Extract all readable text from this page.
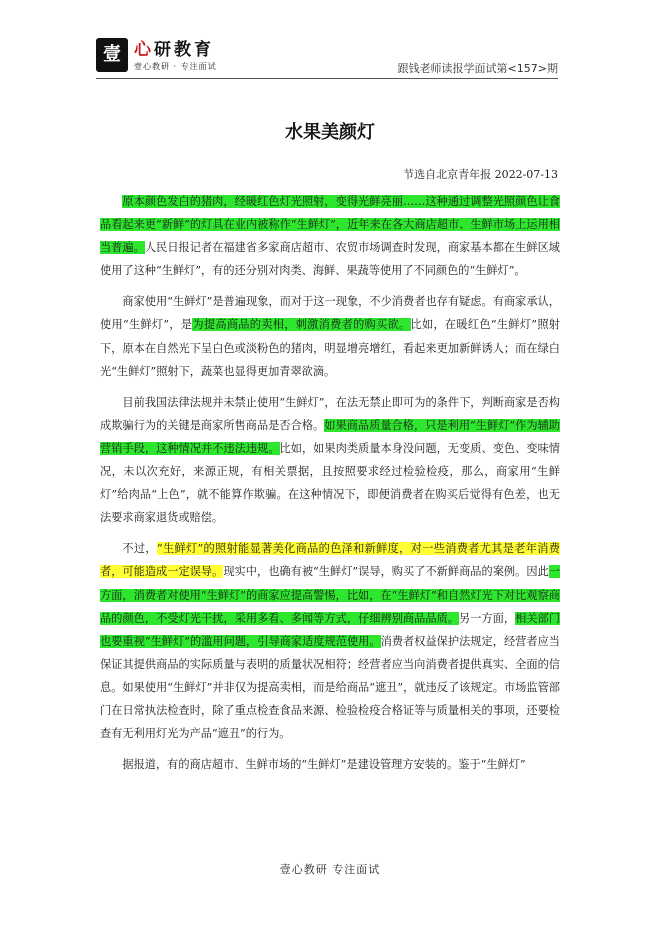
壹 心研教育
壹心教研 · 专注面试	跟钱老师读报学面试第<157>期
水果美颜灯
节选自北京青年报 2022-07-13

原本颜色发白的猪肉，经暖红色灯光照射，变得光鲜亮丽……这种通过调整光照颜色让食品看起来更“新鲜”的灯具在业内被称作“生鲜灯”，近年来在各大商店超市、生鲜市场上运用相当普遍。人民日报记者在福建省多家商店超市、农贸市场调查时发现，商家基本都在生鲜区域使用了这种“生鲜灯”，有的还分别对肉类、海鲜、果蔬等使用了不同颜色的“生鲜灯”。

商家使用“生鲜灯”是普遍现象，而对于这一现象，不少消费者也存有疑虑。有商家承认，使用“生鲜灯”，是为提高商品的卖相，刺激消费者的购买欲。比如，在暖红色“生鲜灯”照射下，原本在自然光下呈白色或淡粉色的猪肉，明显增亮增红，看起来更加新鲜诱人；而在绿白光“生鲜灯”照射下，蔬菜也显得更加青翠欲滴。

目前我国法律法规并未禁止使用“生鲜灯”，在法无禁止即可为的条件下，判断商家是否构成欺骗行为的关键是商家所售商品是否合格。如果商品质量合格，只是利用“生鲜灯”作为辅助营销手段，这种情况并不违法违规。比如，如果肉类质量本身没问题，无变质、变色、变味情况，未以次充好，来源正规，有相关票据，且按照要求经过检验检疫，那么，商家用“生鲜灯”给肉品“上色”，就不能算作欺骗。在这种情况下，即便消费者在购买后觉得有色差，也无法要求商家退货或赔偿。

不过，“生鲜灯”的照射能显著美化商品的色泽和新鲜度，对一些消费者尤其是老年消费者，可能造成一定误导。现实中，也确有被“生鲜灯”误导，购买了不新鲜商品的案例。因此一方面，消费者对使用“生鲜灯”的商家应提高警惕，比如，在“生鲜灯”和自然灯光下对比观察商品的颜色，不受灯光干扰，采用多看、多闻等方式，仔细辨别商品品质。另一方面，相关部门也要重视“生鲜灯”的滥用问题，引导商家适度规范使用。消费者权益保护法规定，经营者应当保证其提供商品的实际质量与表明的质量状况相符；经营者应当向消费者提供真实、全面的信息。如果使用“生鲜灯”并非仅为提高卖相，而是给商品“遮丑”，就违反了该规定。市场监管部门在日常执法检查时，除了重点检查食品来源、检验检疫合格证等与质量相关的事项，还要检查有无利用灯光为产品“遮丑”的行为。

据报道，有的商店超市、生鲜市场的“生鲜灯”是建设管理方安装的。鉴于“生鲜灯”

壹心教研 专注面试
